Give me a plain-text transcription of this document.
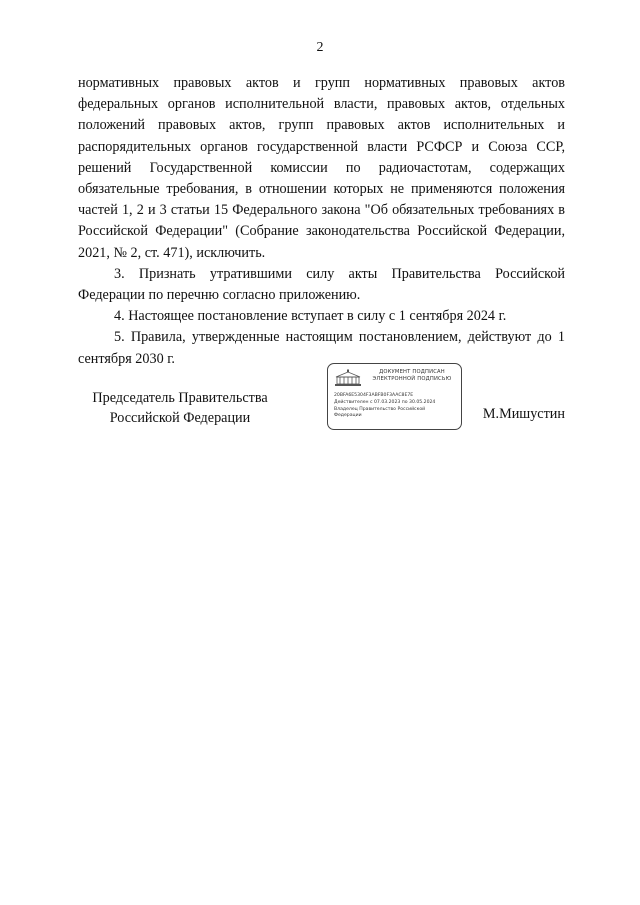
2

нормативных правовых актов и групп нормативных правовых актов федеральных органов исполнительной власти, правовых актов, отдельных положений правовых актов, групп правовых актов исполнительных и распорядительных органов государственной власти РСФСР и Союза ССР, решений Государственной комиссии по радиочастотам, содержащих обязательные требования, в отношении которых не применяются положения частей 1, 2 и 3 статьи 15 Федерального закона "Об обязательных требованиях в Российской Федерации" (Собрание законодательства Российской Федерации, 2021, № 2, ст. 471), исключить.

3. Признать утратившими силу акты Правительства Российской Федерации по перечню согласно приложению.

4. Настоящее постановление вступает в силу с 1 сентября 2024 г.

5. Правила, утвержденные настоящим постановлением, действуют до 1 сентября 2030 г.

Председатель Правительства
Российской Федерации	М.Мишустин
ДОКУМЕНТ ПОДПИСАН
ЭЛЕКТРОННОЙ ПОДПИСЬЮ
20BFA6E5304F3ABFB0F3AAC8E7E
Действителен с 07.03.2023 по 30.05.2024
Владелец Правительство Российской
Федерации
